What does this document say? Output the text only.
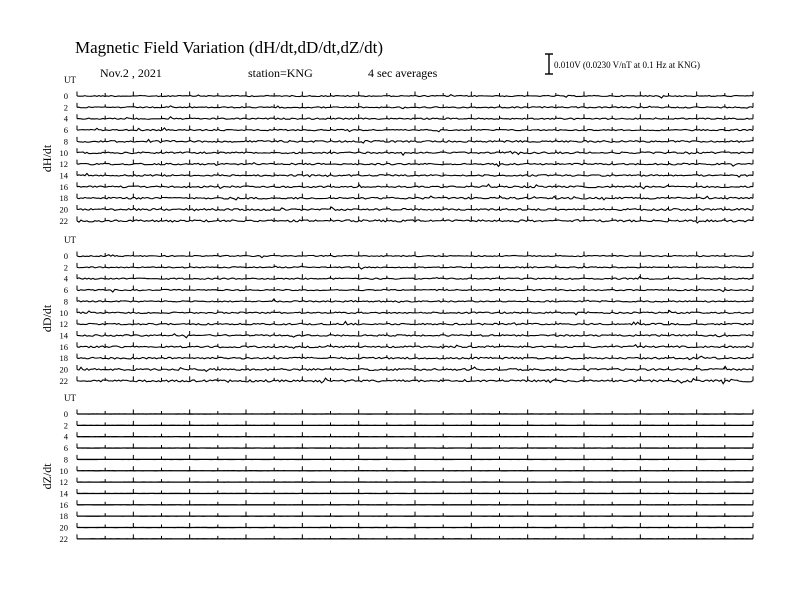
Magnetic Field Variation (dH/dt,dD/dt,dZ/dt)
Nov.2 , 2021	station=KNG	4 sec averages
0.010V (0.0230 V/nT at 0.1 Hz at KNG)
UT
dH/dt
0
2
4
6
8
10
12
14
16
18
20
22
UT
dD/dt
0
2
4
6
8
10
12
14
16
18
20
22
UT
dZ/dt
0
2
4
6
8
10
12
14
16
18
20
22
